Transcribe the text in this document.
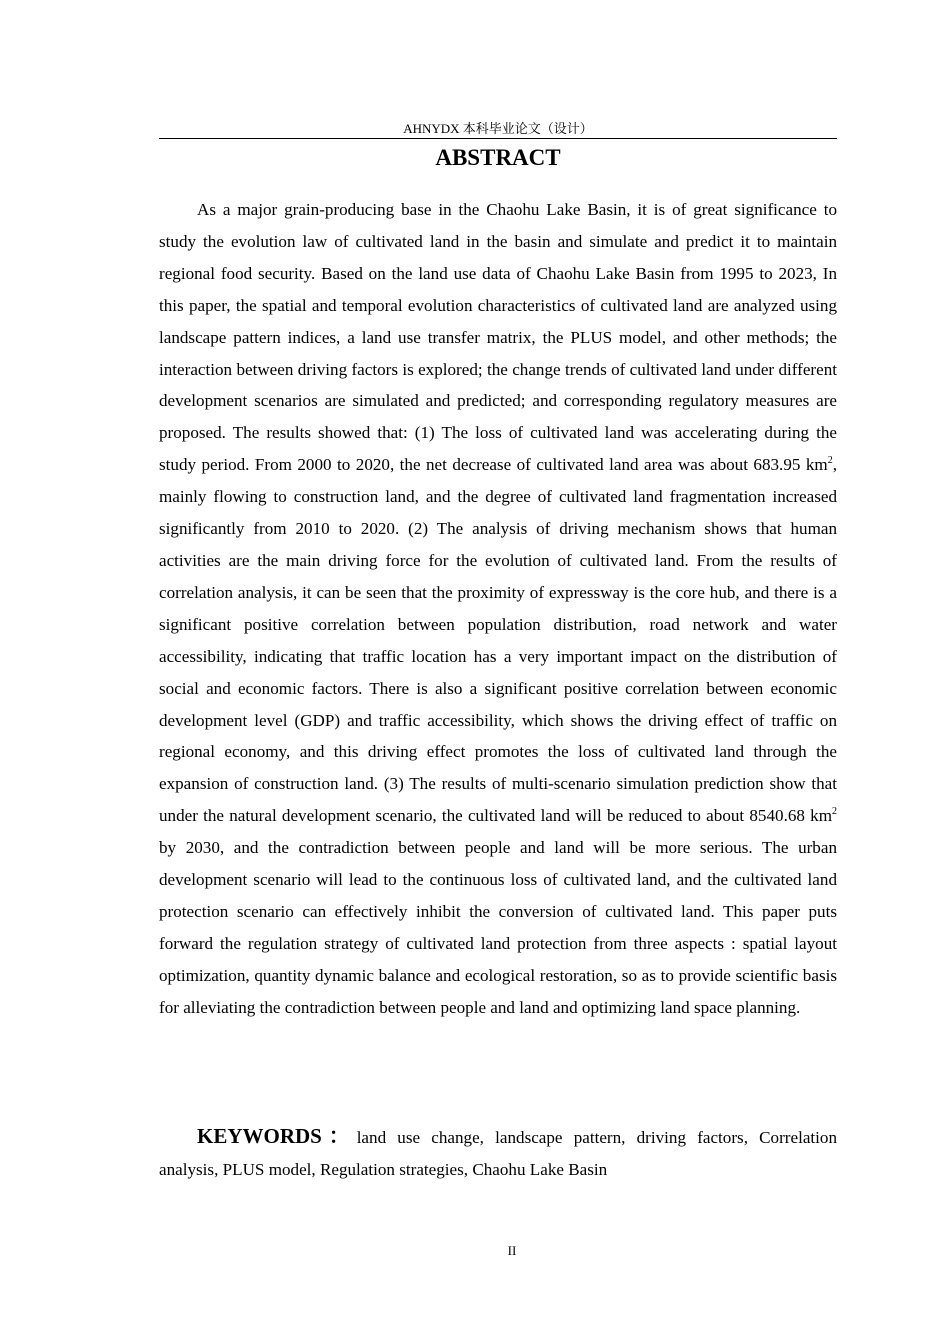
AHNYDX 本科毕业论文（设计）
ABSTRACT

As a major grain-producing base in the Chaohu Lake Basin, it is of great significance to study the evolution law of cultivated land in the basin and simulate and predict it to maintain regional food security. Based on the land use data of Chaohu Lake Basin from 1995 to 2023, In this paper, the spatial and temporal evolution characteristics of cultivated land are analyzed using landscape pattern indices, a land use transfer matrix, the PLUS model, and other methods; the interaction between driving factors is explored; the change trends of cultivated land under different development scenarios are simulated and predicted; and corresponding regulatory measures are proposed. The results showed that: (1) The loss of cultivated land was accelerating during the study period. From 2000 to 2020, the net decrease of cultivated land area was about 683.95 $km^2$, mainly flowing to construction land, and the degree of cultivated land fragmentation increased significantly from 2010 to 2020. (2) The analysis of driving mechanism shows that human activities are the main driving force for the evolution of cultivated land. From the results of correlation analysis, it can be seen that the proximity of expressway is the core hub, and there is a significant positive correlation between population distribution, road network and water accessibility, indicating that traffic location has a very important impact on the distribution of social and economic factors. There is also a significant positive correlation between economic development level (GDP) and traffic accessibility, which shows the driving effect of traffic on regional economy, and this driving effect promotes the loss of cultivated land through the expansion of construction land. (3) The results of multi-scenario simulation prediction show that under the natural development scenario, the cultivated land will be reduced to about 8540.68 $km^2$  by 2030, and the contradiction between people and land will be more serious. The urban development scenario will lead to the continuous loss of cultivated land, and the cultivated land protection scenario can effectively inhibit the conversion of cultivated land. This paper puts forward the regulation strategy of cultivated land protection from three aspects : spatial layout optimization, quantity dynamic balance and ecological restoration, so as to provide scientific basis for alleviating the contradiction between people and land and optimizing land space planning.

KEYWORDS：land use change, landscape pattern, driving factors, Correlation analysis, PLUS model, Regulation strategies, Chaohu Lake Basin

II
